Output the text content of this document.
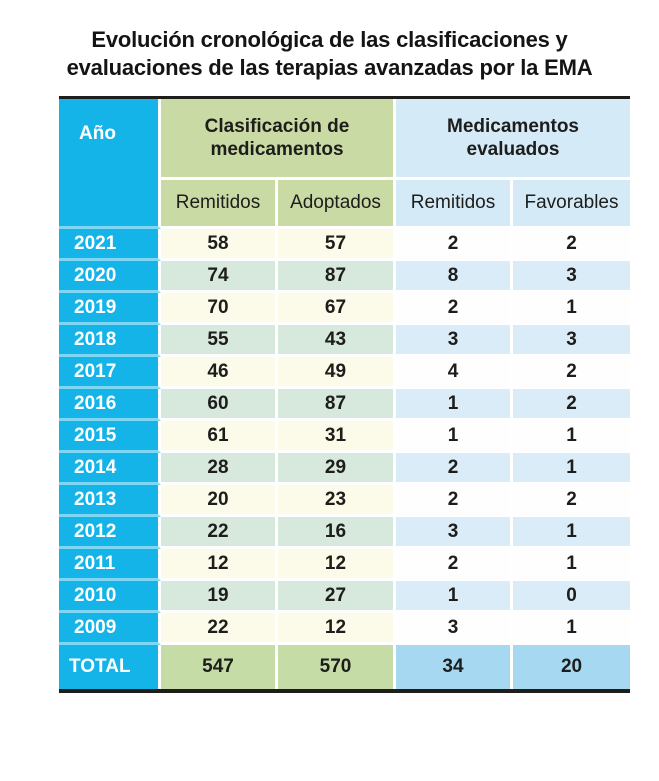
Evolución cronológica de las clasificaciones y
evaluaciones de las terapias avanzadas por la EMA
Año	Clasificación de medicamentos		Medicamentos evaluados	
	Remitidos	Adoptados	Remitidos	Favorables
2021	58	57	2	2
2020	74	87	8	3
2019	70	67	2	1
2018	55	43	3	3
2017	46	49	4	2
2016	60	87	1	2
2015	61	31	1	1
2014	28	29	2	1
2013	20	23	2	2
2012	22	16	3	1
2011	12	12	2	1
2010	19	27	1	0
2009	22	12	3	1
TOTAL	547	570	34	20
